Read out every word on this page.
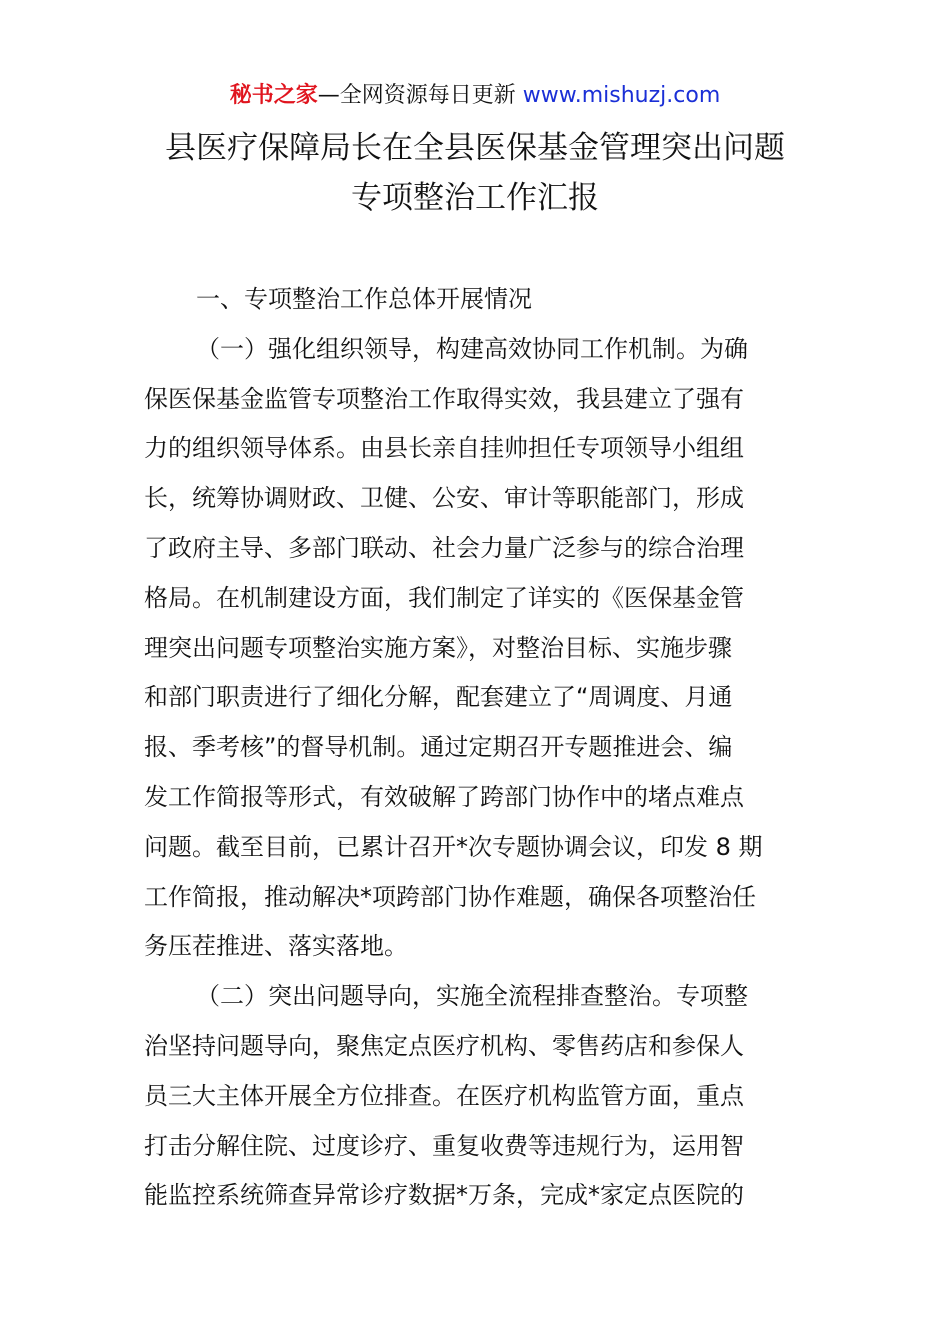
秘书之家—全网资源每日更新 www.mishuzj.com
县医疗保障局长在全县医保基金管理突出问题
专项整治工作汇报

一、专项整治工作总体开展情况

（一）强化组织领导，构建高效协同工作机制。为确
保医保基金监管专项整治工作取得实效，我县建立了强有
力的组织领导体系。由县长亲自挂帅担任专项领导小组组
长，统筹协调财政、卫健、公安、审计等职能部门，形成
了政府主导、多部门联动、社会力量广泛参与的综合治理
格局。在机制建设方面，我们制定了详实的《医保基金管
理突出问题专项整治实施方案》，对整治目标、实施步骤
和部门职责进行了细化分解，配套建立了“周调度、月通
报、季考核”的督导机制。通过定期召开专题推进会、编
发工作简报等形式，有效破解了跨部门协作中的堵点难点
问题。截至目前，已累计召开*次专题协调会议，印发 8 期
工作简报，推动解决*项跨部门协作难题，确保各项整治任
务压茬推进、落实落地。

（二）突出问题导向，实施全流程排查整治。专项整
治坚持问题导向，聚焦定点医疗机构、零售药店和参保人
员三大主体开展全方位排查。在医疗机构监管方面，重点
打击分解住院、过度诊疗、重复收费等违规行为，运用智
能监控系统筛查异常诊疗数据*万条，完成*家定点医院的
